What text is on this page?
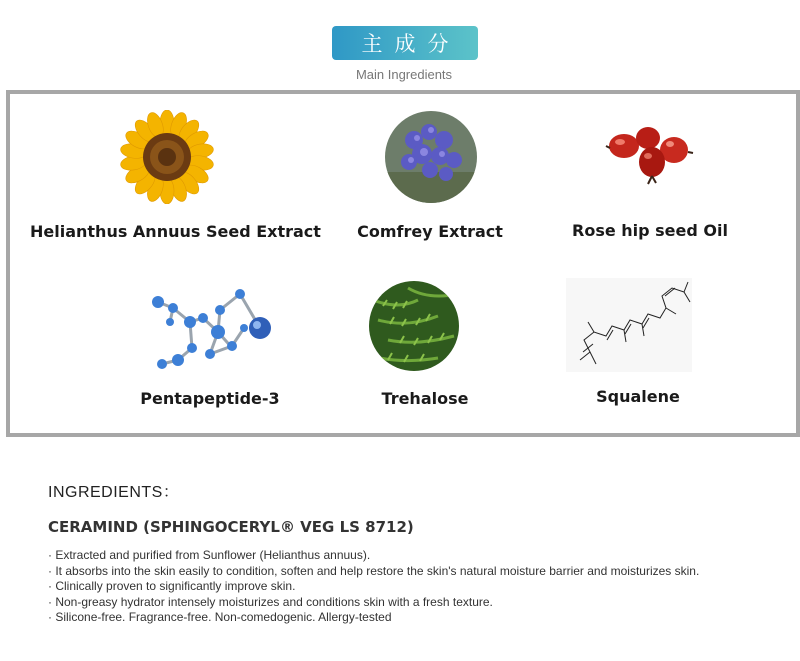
主成分
Main Ingredients
Helianthus Annuus Seed Extract	Comfrey Extract	Rose hip seed Oil
Pentapeptide-3	Trehalose	Squalene
INGREDIENTS：
CERAMIND (SPHINGOCERYL® VEG LS 8712)
· Extracted and purified from Sunflower (Helianthus annuus).
· It absorbs into the skin easily to condition, soften and help restore the skin's natural moisture barrier and moisturizes skin.
· Clinically proven to significantly improve skin.
· Non-greasy hydrator intensely moisturizes and conditions skin with a fresh texture.
· Silicone-free. Fragrance-free. Non-comedogenic. Allergy-tested
